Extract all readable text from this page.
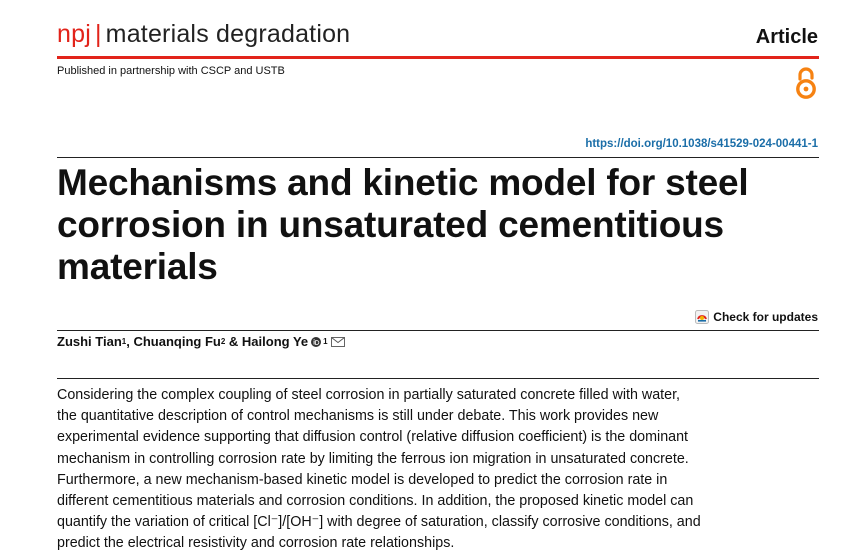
npj | materials degradation	Article
Published in partnership with CSCP and USTB
https://doi.org/10.1038/s41529-024-00441-1
Mechanisms and kinetic model for steel corrosion in unsaturated cementitious materials
Check for updates
Zushi Tian 1 , Chuanqing Fu 2 & Hailong Ye 1
Considering the complex coupling of steel corrosion in partially saturated concrete filled with water,
the quantitative description of control mechanisms is still under debate. This work provides new
experimental evidence supporting that diffusion control (relative diffusion coefficient) is the dominant
mechanism in controlling corrosion rate by limiting the ferrous ion migration in unsaturated concrete.
Furthermore, a new mechanism-based kinetic model is developed to predict the corrosion rate in
different cementitious materials and corrosion conditions. In addition, the proposed kinetic model can
quantify the variation of critical [Cl⁻]/[OH⁻] with degree of saturation, classify corrosive conditions, and
predict the electrical resistivity and corrosion rate relationships.
